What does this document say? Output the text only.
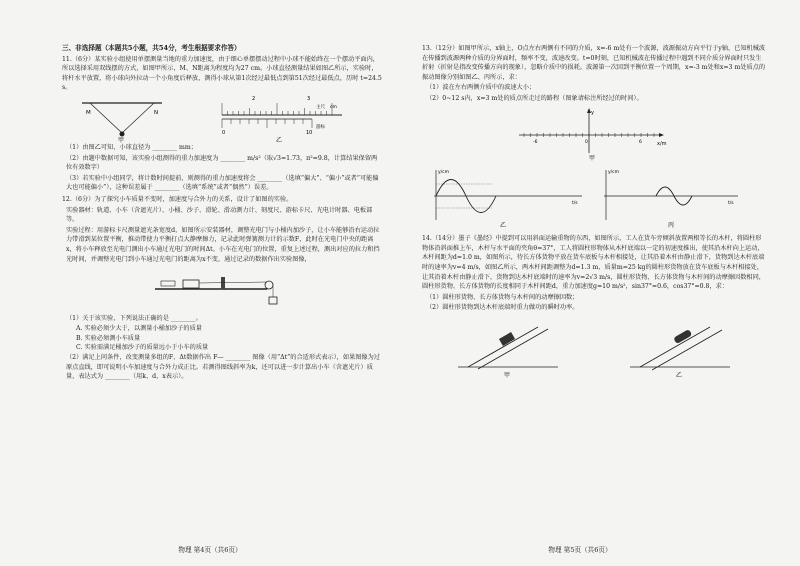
三、非选择题（本题共5小题，共54分，考生根据要求作答）
11.（6分）某实验小组使用单摆测量当地的重力加速度，由于细心单摆摆动过程中小球不能始终在一个摆动平面内，所以选择采用双线摆的方式，如图甲所示，M、N距离为程度均为27 cm。小球直径测量结果如图乙所示，实验时，将杆水平放置，将小球向外拉动一个小角度后释放，测得小球从第1次经过最低点到第51次经过最低点，历时 t=24.5 s。
M	N
甲
2	3
主尺 cm
0	10
游标
乙
（1）由图乙可知，小球直径为 ________ mm；
（2）由题中数据可知，该实验小组测得的重力加速度为 ________ m/s²（取√3=1.73，π²=9.8，计算结果保留两位有效数字）
（3）若实验中小组同学，将计数时间提前，则测得的重力加速度将会 ________（选填“偏大”、“偏小”或者“可能偏大也可能偏小”），这种误差属于 ________（选填“系统”或者“偶然”）误差。
12.（6分）为了探究小车质量不变时，加速度与合外力的关系，设计了如图的实验。
实验器材：轨道、小车（含遮光片）、小桶、沙子、滑轮、滑动测力计、刻度尺、游标卡尺、光电计时器、电板部等。
实验过程：用游标卡尺测量遮光条宽度d，如图所示安装器材，调整光电门与小桶内加沙子，让小车能够沿右运动拉力带滑到某位置平衡，推动带使力平衡打点大静摩擦力，记录此时弹簧测力计的示数F，此时在光电门中央的距离x，将小车释放至光电门测出小车通过光电门的时间Δt。小车在光电门的位置，重复上述过程，测出对应的拉力和挡光时间，并调整光电门到小车通过光电门的距离为x不变，通过记录的数据作出实验图像，
（1）关于该实验，下列说法正确的是 ________。
A. 实验必须少大于，以测量小桶加沙子的质量
B. 实验必须测小车质量
C. 实验需满足桶加沙子的质量远小于小车的质量
（2）满足上问条件，改变测量多组的F、Δt数据作出 F— ________ 图像（用“Δt”的合适形式表示），如果图像为过原点直线，即可说明小车加速度与合外力成正比。若测得图线斜率为k，还可以进一步计算出小车（含遮光片）质量，表达式为 ________（用k、d、x表示）。
物理 第4页（共6页）
13.（12分）如图甲所示，x轴上，O点左右两侧有不同的介质，x=-6 m处有一个波源，波源振动方向平行于y轴，已知机械波在传播到波源两种介质的分界面时，频率不变，波速改变。t=0时刻，已知机械波在传播过程中遇到不同介质分界面时只发生折射（折射是指改变传播方向的现象），忽略介质中的损耗。波源第一次回到平衡位置一个周期，x=-3 m处和x=3 m处质点的振动图像分别如图乙、丙所示，求：
（1）波在左右两侧介质中的波速大小；
（2）0~12 s内，x=3 m处的质点所走过的路程（图象请标注所经过的时间）。
y
x/m
-6	0	6
甲
y/cm
t/s
乙
y/cm
t/s
丙
14.（14分）墨子《墨经》中提到可以用斜面运输重物的东西，如图所示，工人在货车旁倾斜放置两根等长的木杆，将圆柱形物体沿斜面推上车，木杆与水平面的夹角θ=37°，工人将圆柱形物体从木杆底端以一定的初速度推出，使其沿木杆向上运动，木杆间距为d=1.0 m，如图所示，待长方体货物平放在货车底板与木杆相接处，让其沿着木杆由静止滑下，货物到达木杆底端时的速率为v=4 m/s，如图乙所示，两木杆间距调整为d=1.3 m，质量m=25 kg的圆柱形货物放在货车底板与木杆相接处，让其沿着木杆由静止滑下，货物到达木杆底端时的速率为v=2√3 m/s，圆柱形货物、长方体货物与木杆间的动摩擦因数相同，圆柱形货物、长方体货物的长度相同于木杆间距d，重力加速度g=10 m/s²，sin37°=0.6，cos37°=0.8，求：
（1）圆柱形货物、长方体货物与木杆间的动摩擦因数；
（2）圆柱形货物到达木杆底端时重力做功的瞬时功率。
甲	乙
物理 第5页（共6页）
